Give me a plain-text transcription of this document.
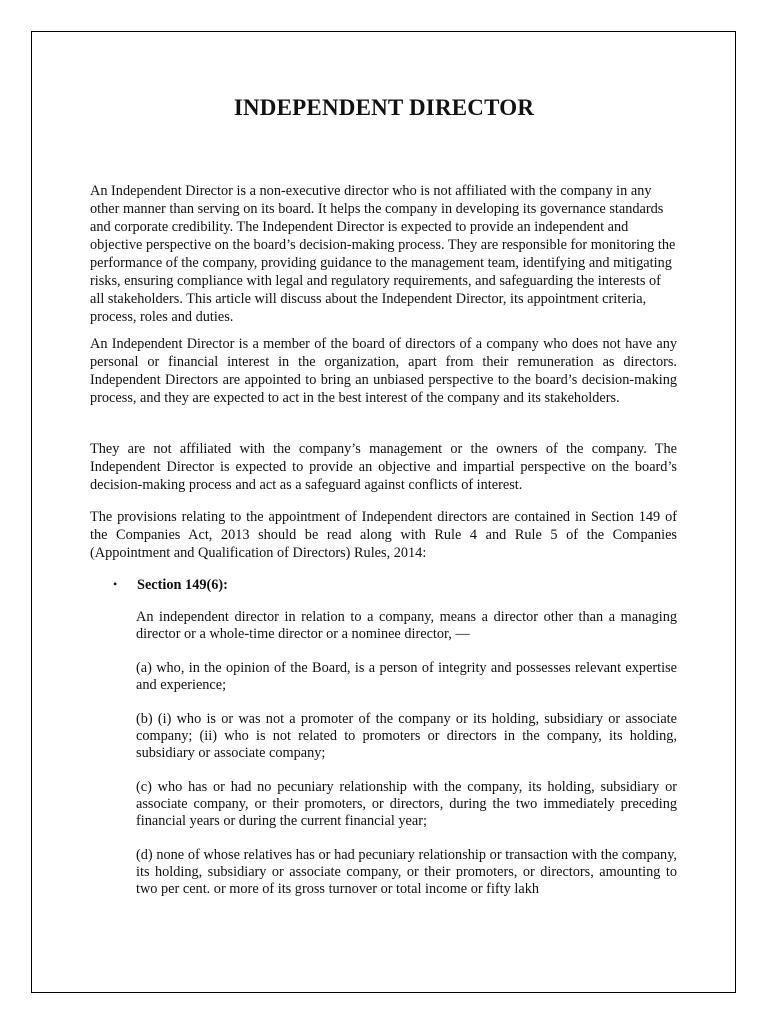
INDEPENDENT DIRECTOR

An Independent Director is a non-executive director who is not affiliated with the company in any other manner than serving on its board. It helps the company in developing its governance standards and corporate credibility. The Independent Director is expected to provide an independent and objective perspective on the board’s decision-making process. They are responsible for monitoring the performance of the company, providing guidance to the management team, identifying and mitigating risks, ensuring compliance with legal and regulatory requirements, and safeguarding the interests of all stakeholders. This article will discuss about the Independent Director, its appointment criteria, process, roles and duties.

An Independent Director is a member of the board of directors of a company who does not have any personal or financial interest in the organization, apart from their remuneration as directors. Independent Directors are appointed to bring an unbiased perspective to the board’s decision-making process, and they are expected to act in the best interest of the company and its stakeholders.

They are not affiliated with the company’s management or the owners of the company. The Independent Director is expected to provide an objective and impartial perspective on the board’s decision-making process and act as a safeguard against conflicts of interest.

The provisions relating to the appointment of Independent directors are contained in Section 149 of the Companies Act, 2013 should be read along with Rule 4 and Rule 5 of the Companies (Appointment and Qualification of Directors) Rules, 2014:

• Section 149(6):

An independent director in relation to a company, means a director other than a managing director or a whole-time director or a nominee director, —

(a) who, in the opinion of the Board, is a person of integrity and possesses relevant expertise and experience;

(b) (i) who is or was not a promoter of the company or its holding, subsidiary or associate company; (ii) who is not related to promoters or directors in the company, its holding, subsidiary or associate company;

(c) who has or had no pecuniary relationship with the company, its holding, subsidiary or associate company, or their promoters, or directors, during the two immediately preceding financial years or during the current financial year;

(d) none of whose relatives has or had pecuniary relationship or transaction with the company, its holding, subsidiary or associate company, or their promoters, or directors, amounting to two per cent. or more of its gross turnover or total income or fifty lakh
